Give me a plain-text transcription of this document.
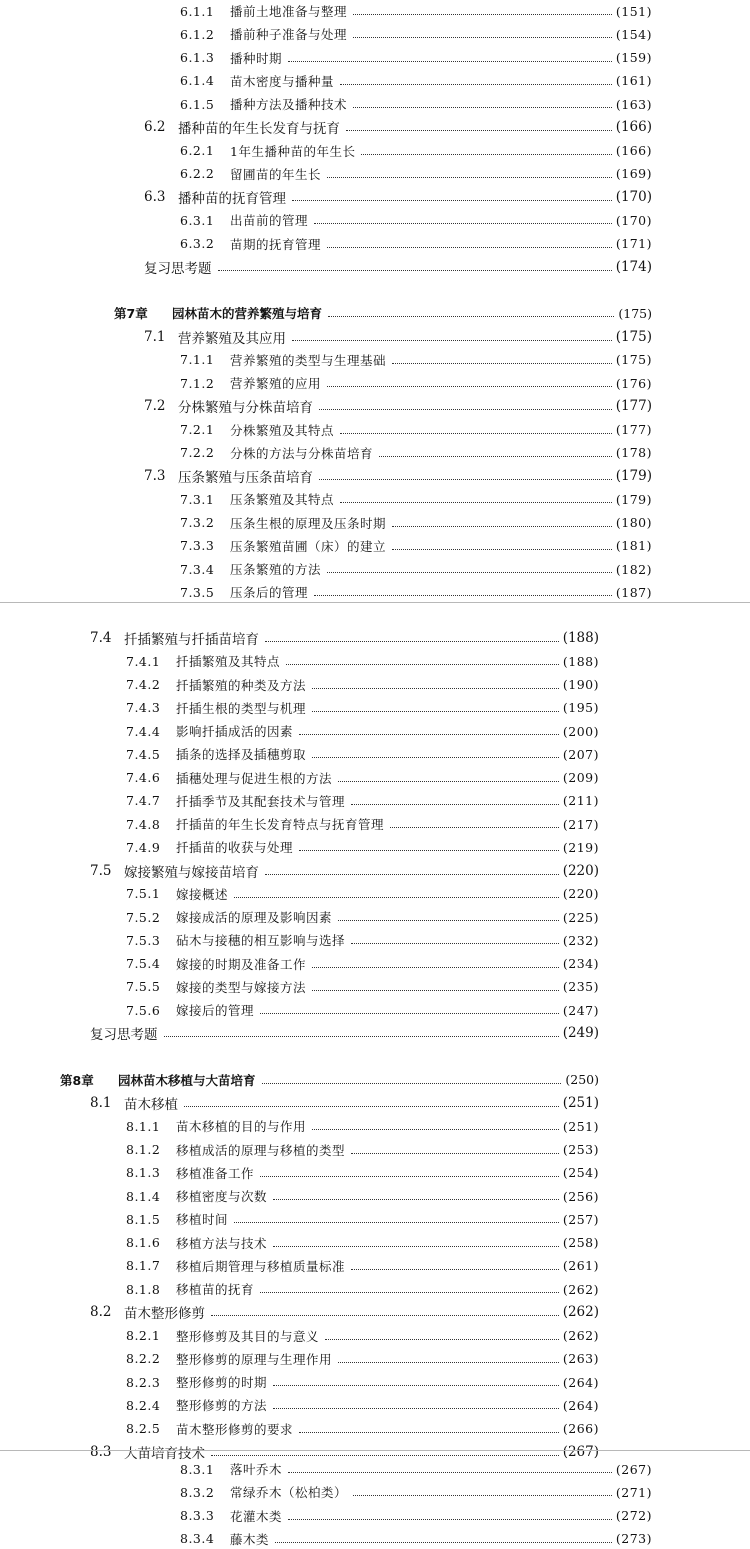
6.1.1	播前土地准备与整理	(151)
6.1.2	播前种子准备与处理	(154)
6.1.3	播种时期	(159)
6.1.4	苗木密度与播种量	(161)
6.1.5	播种方法及播种技术	(163)
6.2 播种苗的年生长发育与抚育	(166)
6.2.1	1年生播种苗的年生长	(166)
6.2.2	留圃苗的年生长	(169)
6.3 播种苗的抚育管理	(170)
6.3.1	出苗前的管理	(170)
6.3.2	苗期的抚育管理	(171)
复习思考题	(174)
第7章	园林苗木的营养繁殖与培育	(175)
7.1 营养繁殖及其应用	(175)
7.1.1	营养繁殖的类型与生理基础	(175)
7.1.2	营养繁殖的应用	(176)
7.2 分株繁殖与分株苗培育	(177)
7.2.1	分株繁殖及其特点	(177)
7.2.2	分株的方法与分株苗培育	(178)
7.3 压条繁殖与压条苗培育	(179)
7.3.1	压条繁殖及其特点	(179)
7.3.2	压条生根的原理及压条时期	(180)
7.3.3	压条繁殖苗圃（床）的建立	(181)
7.3.4	压条繁殖的方法	(182)
7.3.5	压条后的管理	(187)
7.4 扦插繁殖与扦插苗培育	(188)
7.4.1	扦插繁殖及其特点	(188)
7.4.2	扦插繁殖的种类及方法	(190)
7.4.3	扦插生根的类型与机理	(195)
7.4.4	影响扦插成活的因素	(200)
7.4.5	插条的选择及插穗剪取	(207)
7.4.6	插穗处理与促进生根的方法	(209)
7.4.7	扦插季节及其配套技术与管理	(211)
7.4.8	扦插苗的年生长发育特点与抚育管理	(217)
7.4.9	扦插苗的收获与处理	(219)
7.5 嫁接繁殖与嫁接苗培育	(220)
7.5.1	嫁接概述	(220)
7.5.2	嫁接成活的原理及影响因素	(225)
7.5.3	砧木与接穗的相互影响与选择	(232)
7.5.4	嫁接的时期及准备工作	(234)
7.5.5	嫁接的类型与嫁接方法	(235)
7.5.6	嫁接后的管理	(247)
复习思考题	(249)
第8章	园林苗木移植与大苗培育	(250)
8.1 苗木移植	(251)
8.1.1	苗木移植的目的与作用	(251)
8.1.2	移植成活的原理与移植的类型	(253)
8.1.3	移植准备工作	(254)
8.1.4	移植密度与次数	(256)
8.1.5	移植时间	(257)
8.1.6	移植方法与技术	(258)
8.1.7	移植后期管理与移植质量标准	(261)
8.1.8	移植苗的抚育	(262)
8.2 苗木整形修剪	(262)
8.2.1	整形修剪及其目的与意义	(262)
8.2.2	整形修剪的原理与生理作用	(263)
8.2.3	整形修剪的时期	(264)
8.2.4	整形修剪的方法	(264)
8.2.5	苗木整形修剪的要求	(266)
8.3 大苗培育技术	(267)
8.3.1	落叶乔木	(267)
8.3.2	常绿乔木（松柏类）	(271)
8.3.3	花灌木类	(272)
8.3.4	藤木类	(273)
